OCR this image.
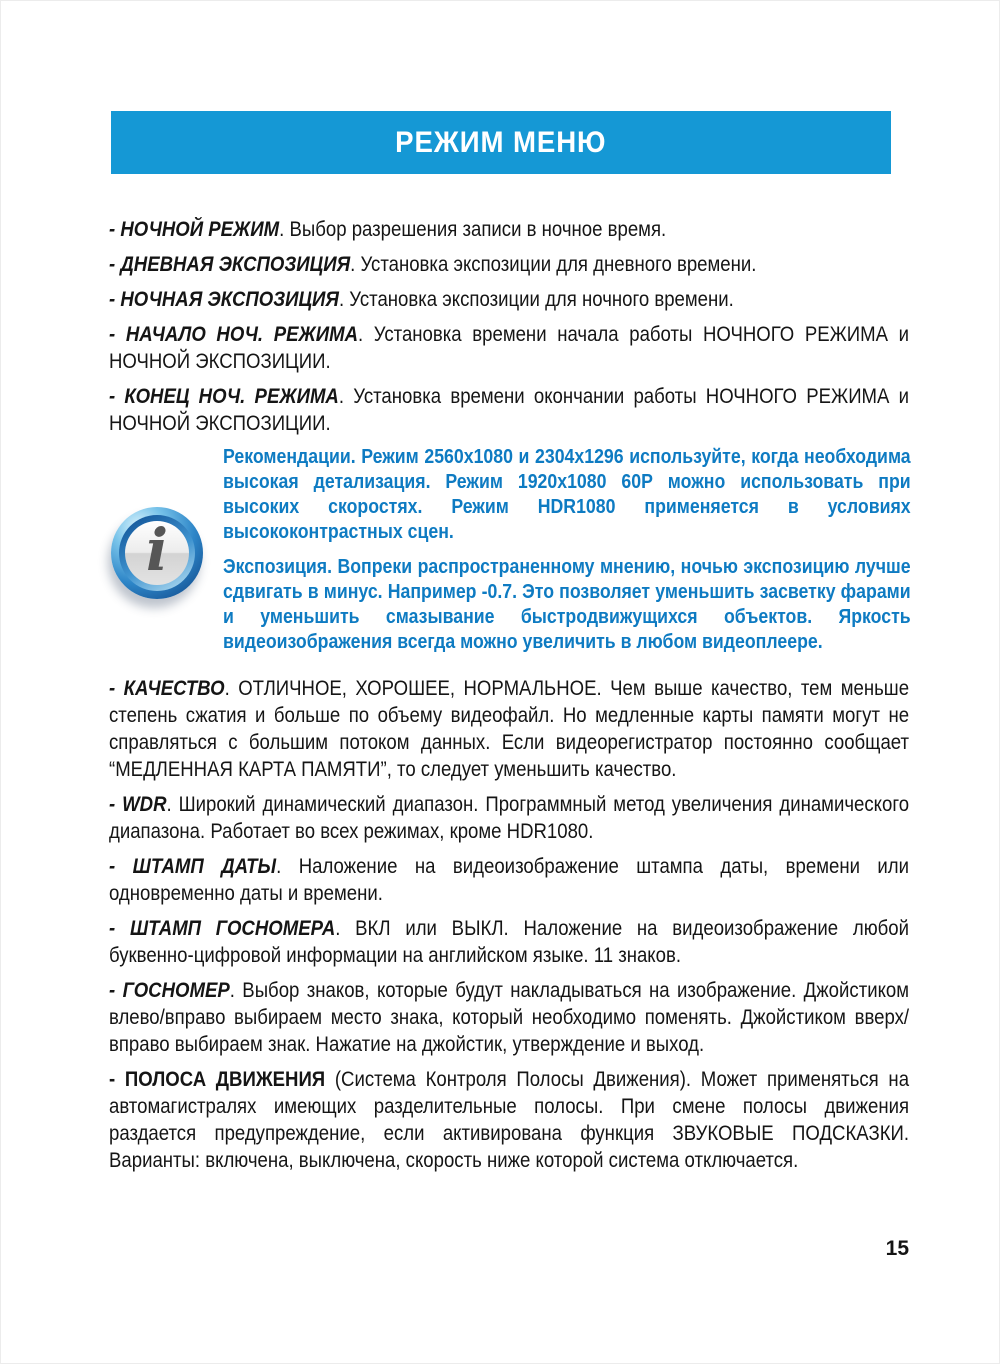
РЕЖИМ МЕНЮ

- НОЧНОЙ РЕЖИМ. Выбор разрешения записи в ночное время.

- ДНЕВНАЯ ЭКСПОЗИЦИЯ. Установка экспозиции для дневного времени.

- НОЧНАЯ ЭКСПОЗИЦИЯ. Установка экспозиции для ночного времени.

- НАЧАЛО НОЧ. РЕЖИМА. Установка времени начала работы НОЧНОГО РЕЖИМА и НОЧНОЙ ЭКСПОЗИЦИИ.

- КОНЕЦ НОЧ. РЕЖИМА. Установка времени окончании работы НОЧНОГО РЕЖИМА и НОЧНОЙ ЭКСПОЗИЦИИ.

i

Рекомендации. Режим 2560х1080 и 2304х1296 используйте, когда необходима высокая детализация. Режим 1920х1080 60Р можно использовать при высоких скоростях. Режим HDR1080 применяется в условиях высококонтрастных сцен.

Экспозиция. Вопреки распространенному мнению, ночью экспозицию лучше сдвигать в минус. Например -0.7. Это позволяет уменьшить засветку фарами и уменьшить смазывание быстродвижущихся объектов. Яркость видеоизображения всегда можно увеличить в любом видеоплеере.

- КАЧЕСТВО. ОТЛИЧНОЕ, ХОРОШЕЕ, НОРМАЛЬНОЕ. Чем выше качество, тем меньше степень сжатия и больше по объему видеофайл. Но медленные карты памяти могут не справляться с большим потоком данных. Если видеорегистратор постоянно сообщает “МЕДЛЕННАЯ КАРТА ПАМЯТИ”, то следует уменьшить качество.

- WDR. Широкий динамический диапазон. Программный метод увеличения динамического диапазона. Работает во всех режимах, кроме HDR1080.

- ШТАМП ДАТЫ. Наложение на видеоизображение штампа даты, времени или одновременно даты и времени.

- ШТАМП ГОСНОМЕРА. ВКЛ или ВЫКЛ. Наложение на видеоизображение любой буквенно-цифровой информации на английском языке. 11 знаков.

- ГОСНОМЕР. Выбор знаков, которые будут накладываться на изображение. Джойстиком влево/вправо выбираем место знака, который необходимо поменять. Джойстиком вверх/вправо выбираем знак. Нажатие на джойстик, утверждение и выход.

- ПОЛОСА ДВИЖЕНИЯ (Система Контроля Полосы Движения). Может применяться на автомагистралях имеющих разделительные полосы. При смене полосы движения раздается предупреждение, если активирована функция ЗВУКОВЫЕ ПОДСКАЗКИ. Варианты: включена, выключена, скорость ниже которой система отключается.

15
